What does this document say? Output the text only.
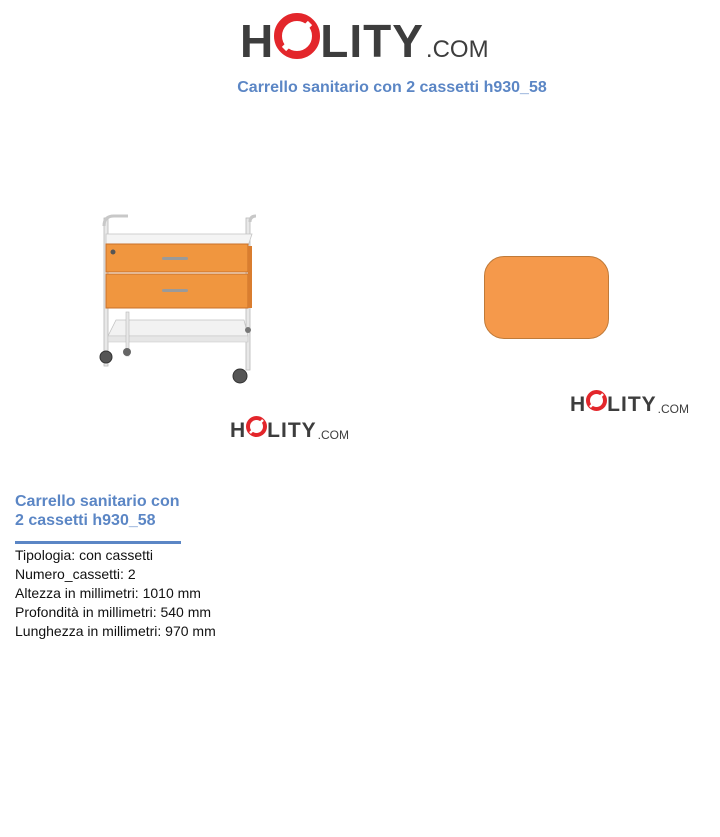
H LITY .COM
Carrello sanitario con 2 cassetti h930_58
H LITY .COM
H LITY .COM
Carrello sanitario con
2 cassetti h930_58
Tipologia: con cassetti
Numero_cassetti: 2
Altezza in millimetri: 1010 mm
Profondità in millimetri: 540 mm
Lunghezza in millimetri: 970 mm
